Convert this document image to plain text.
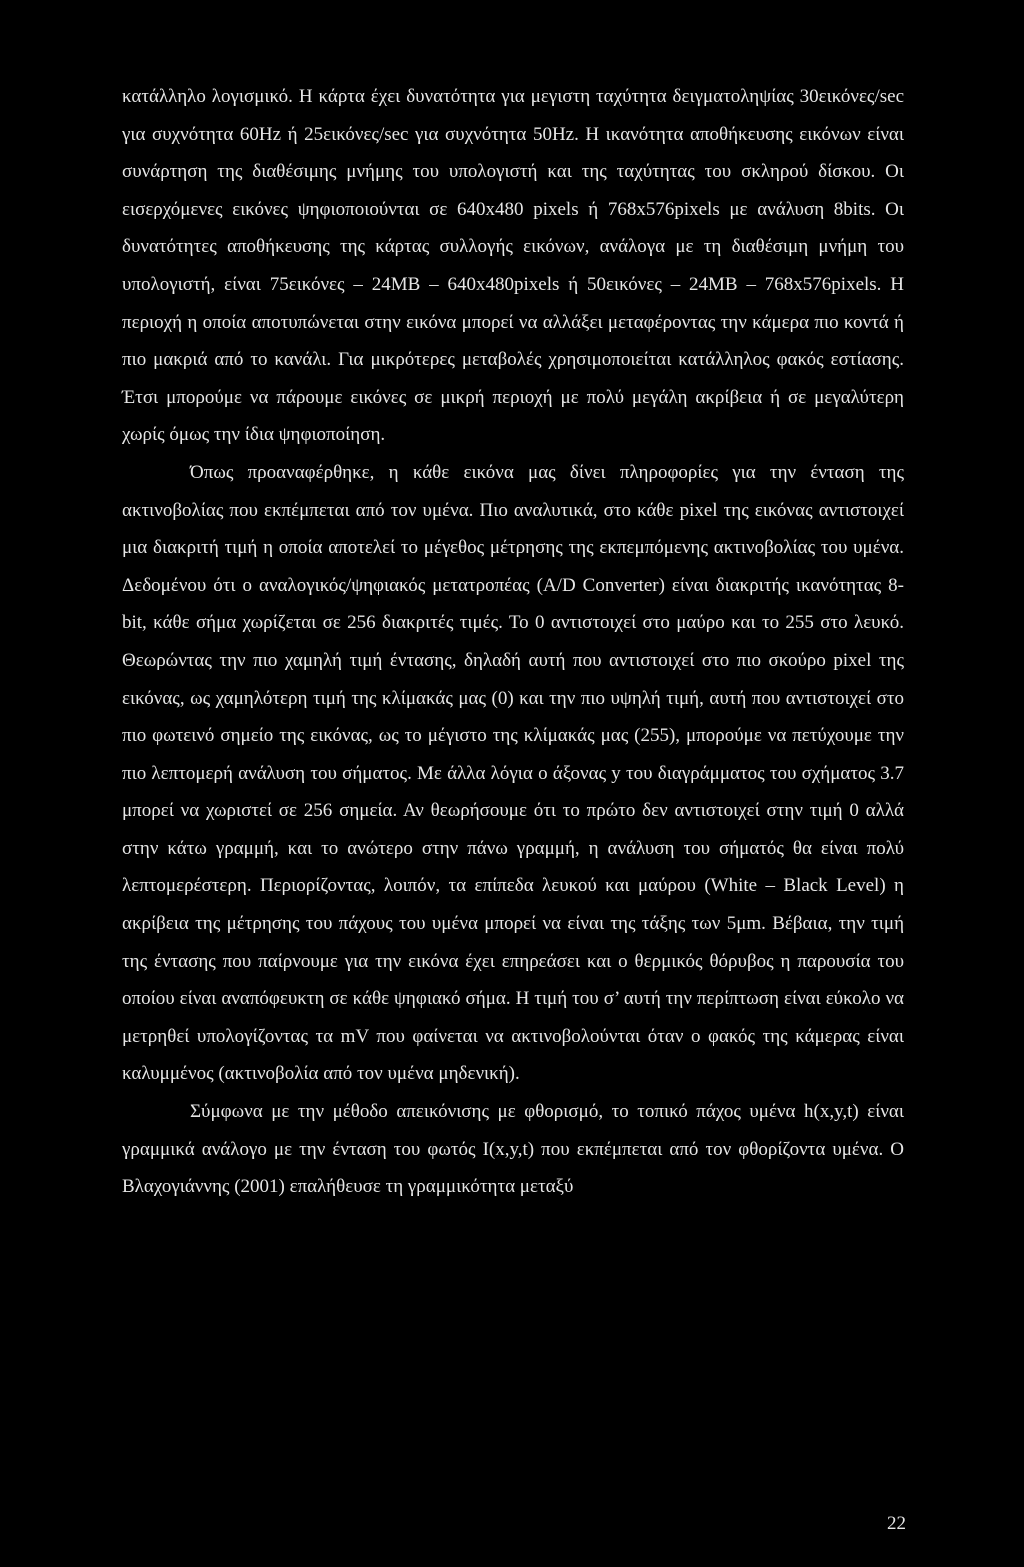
κατάλληλο λογισμικό. Η κάρτα έχει δυνατότητα για μεγιστη ταχύτητα δειγματοληψίας 30εικόνες/sec για συχνότητα 60Hz ή 25εικόνες/sec για συχνότητα 50Hz. Η ικανότητα αποθήκευσης εικόνων είναι συνάρτηση της διαθέσιμης μνήμης του υπολογιστή και της ταχύτητας του σκληρού δίσκου. Οι εισερχόμενες εικόνες ψηφιοποιούνται σε 640x480 pixels ή 768x576pixels με ανάλυση 8bits. Οι δυνατότητες αποθήκευσης της κάρτας συλλογής εικόνων, ανάλογα με τη διαθέσιμη μνήμη του υπολογιστή, είναι 75εικόνες – 24MB – 640x480pixels ή 50εικόνες – 24MB – 768x576pixels. Η περιοχή η οποία αποτυπώνεται στην εικόνα μπορεί να αλλάξει μεταφέροντας την κάμερα πιο κοντά ή πιο μακριά από το κανάλι. Για μικρότερες μεταβολές χρησιμοποιείται κατάλληλος φακός εστίασης. Έτσι μπορούμε να πάρουμε εικόνες σε μικρή περιοχή με πολύ μεγάλη ακρίβεια ή σε μεγαλύτερη χωρίς όμως την ίδια ψηφιοποίηση.

Όπως προαναφέρθηκε, η κάθε εικόνα μας δίνει πληροφορίες για την ένταση της ακτινοβολίας που εκπέμπεται από τον υμένα. Πιο αναλυτικά, στο κάθε pixel της εικόνας αντιστοιχεί μια διακριτή τιμή η οποία αποτελεί το μέγεθος μέτρησης της εκπεμπόμενης ακτινοβολίας του υμένα. Δεδομένου ότι ο αναλογικός/ψηφιακός μετατροπέας (A/D Converter) είναι διακριτής ικανότητας 8-bit, κάθε σήμα χωρίζεται σε 256 διακριτές τιμές. Το 0 αντιστοιχεί στο μαύρο και το 255 στο λευκό. Θεωρώντας την πιο χαμηλή τιμή έντασης, δηλαδή αυτή που αντιστοιχεί στο πιο σκούρο pixel της εικόνας, ως χαμηλότερη τιμή της κλίμακάς μας (0) και την πιο υψηλή τιμή, αυτή που αντιστοιχεί στο πιο φωτεινό σημείο της εικόνας, ως το μέγιστο της κλίμακάς μας (255), μπορούμε να πετύχουμε την πιο λεπτομερή ανάλυση του σήματος. Με άλλα λόγια ο άξονας y του διαγράμματος του σχήματος 3.7 μπορεί να χωριστεί σε 256 σημεία. Αν θεωρήσουμε ότι το πρώτο δεν αντιστοιχεί στην τιμή 0 αλλά στην κάτω γραμμή, και το ανώτερο στην πάνω γραμμή, η ανάλυση του σήματός θα είναι πολύ λεπτομερέστερη. Περιορίζοντας, λοιπόν, τα επίπεδα λευκού και μαύρου (White – Black Level) η ακρίβεια της μέτρησης του πάχους του υμένα μπορεί να είναι της τάξης των 5μm. Βέβαια, την τιμή της έντασης που παίρνουμε για την εικόνα έχει επηρεάσει και ο θερμικός θόρυβος η παρουσία του οποίου είναι αναπόφευκτη σε κάθε ψηφιακό σήμα. Η τιμή του σ’ αυτή την περίπτωση είναι εύκολο να μετρηθεί υπολογίζοντας τα mV που φαίνεται να ακτινοβολούνται όταν ο φακός της κάμερας είναι καλυμμένος (ακτινοβολία από τον υμένα μηδενική).

Σύμφωνα με την μέθοδο απεικόνισης με φθορισμό, το τοπικό πάχος υμένα h(x,y,t) είναι γραμμικά ανάλογο με την ένταση του φωτός I(x,y,t) που εκπέμπεται από τον φθορίζοντα υμένα. Ο Βλαχογιάννης (2001) επαλήθευσε τη γραμμικότητα μεταξύ

22
